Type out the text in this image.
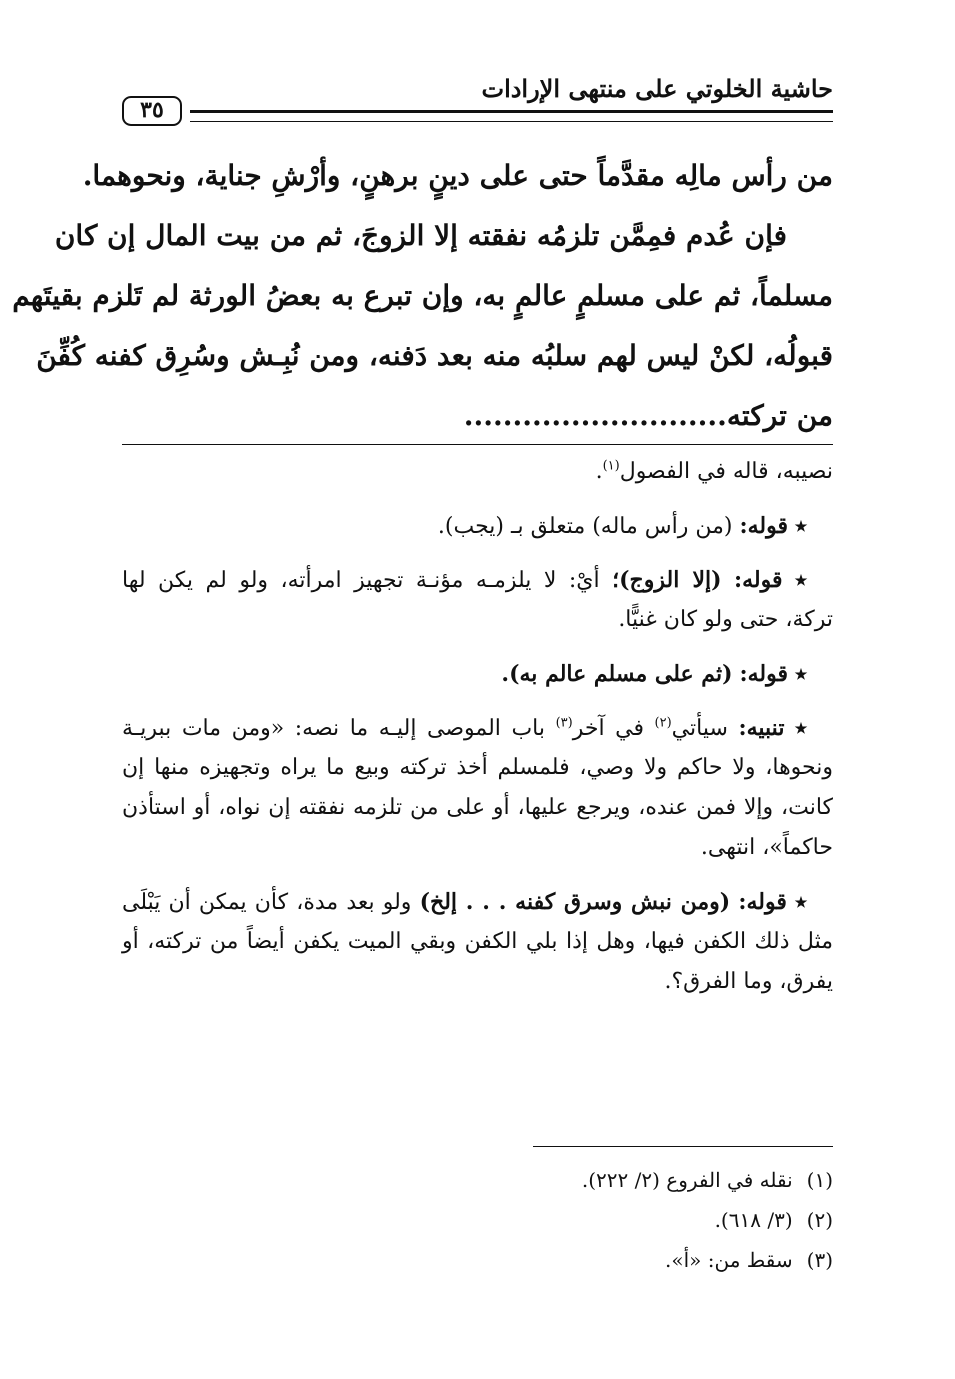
حاشية الخلوتي على منتهى الإرادات
٣٥
من رأس مالِه مقدَّماً حتى على دينٍ برهنٍ، وأرْشِ جناية، ونحوهما.
فإن عُدم فمِمَّن تلزمُه نفقته إلا الزوجَ، ثم من بيت المال إن كان
مسلماً، ثم على مسلمٍ عالمٍ به، وإن تبرع به بعضُ الورثة لم تَلزم بقيتَهم
قبولُه، لكنْ ليس لهم سلبُه منه بعد دَفنه، ومن نُبِـش وسُرِق كفنه كُفِّنَ
من تركته...........................
نصيبه، قاله في الفصول$^{(١)}$.
٭ قوله: (من رأس ماله) متعلق بـ (يجب).
٭ قوله: (إلا الزوج)؛ أيْ: لا يلزمـه مؤنـة تجهيز امرأته، ولو لم يكن لها
تركة، حتى ولو كان غنيًّا.
٭ قوله: (ثم على مسلم عالم به).
٭ تنبيه: سيأتي$^{(٢)}$ في آخر$^{(٣)}$ باب الموصى إليـه ما نصه: «ومن مات ببريـة
ونحوها، ولا حاكم ولا وصي، فلمسلم أخذ تركته وبيع ما يراه وتجهيزه منها إن
كانت، وإلا فمن عنده، ويرجع عليها، أو على من تلزمه نفقته إن نواه، أو استأذن
حاكماً»، انتهى.
٭ قوله: (ومن نبش وسرق كفنه . . . إلخ) ولو بعد مدة، كأن يمكن أن يَبْلَى
مثل ذلك الكفن فيها، وهل إذا بلي الكفن وبقي الميت يكفن أيضاً من تركته، أو
يفرق، وما الفرق؟.
(١) نقله في الفروع (٢/ ٢٢٢).
(٢) (٣/ ٦١٨).
(٣) سقط من: «أ».
